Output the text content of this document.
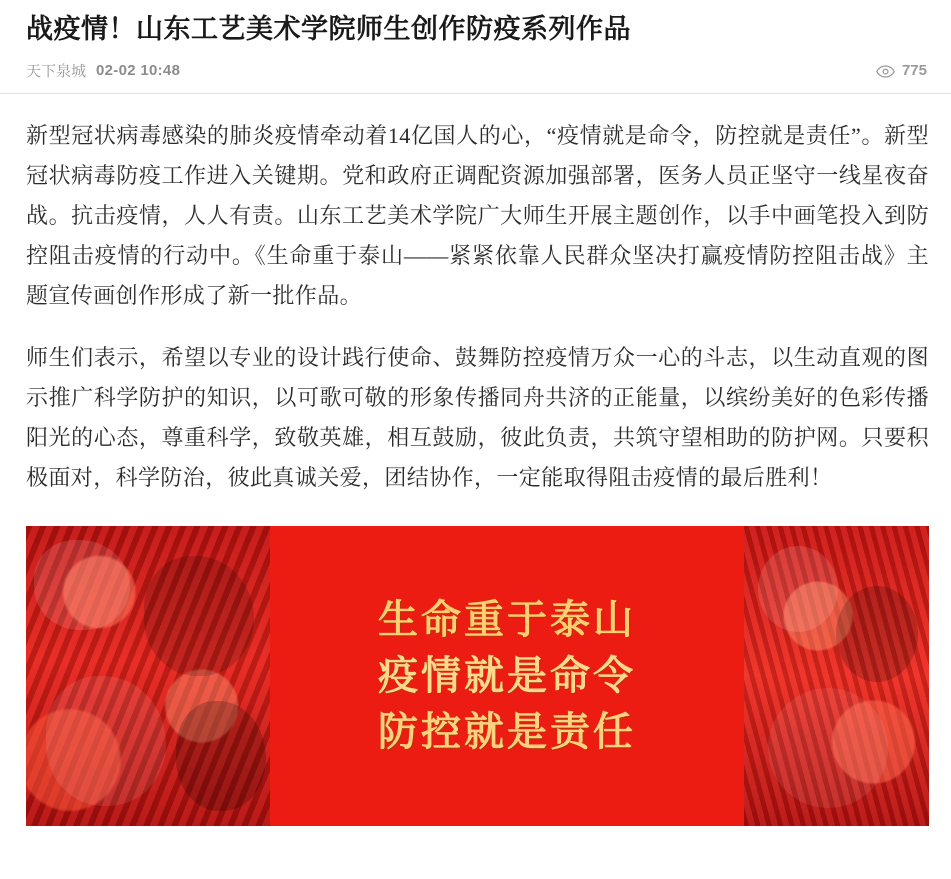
战疫情！山东工艺美术学院师生创作防疫系列作品
天下泉城 02-02 10:48	775

新型冠状病毒感染的肺炎疫情牵动着14亿国人的心，“疫情就是命令，防控就是责任”。新型冠状病毒防疫工作进入关键期。党和政府正调配资源加强部署，医务人员正坚守一线星夜奋战。抗击疫情，人人有责。山东工艺美术学院广大师生开展主题创作，以手中画笔投入到防控阻击疫情的行动中。《生命重于泰山——紧紧依靠人民群众坚决打赢疫情防控阻击战》主题宣传画创作形成了新一批作品。

师生们表示，希望以专业的设计践行使命、鼓舞防控疫情万众一心的斗志，以生动直观的图示推广科学防护的知识，以可歌可敬的形象传播同舟共济的正能量，以缤纷美好的色彩传播阳光的心态，尊重科学，致敬英雄，相互鼓励，彼此负责，共筑守望相助的防护网。只要积极面对，科学防治，彼此真诚关爱，团结协作，一定能取得阻击疫情的最后胜利！

生命重于泰山
疫情就是命令
防控就是责任
